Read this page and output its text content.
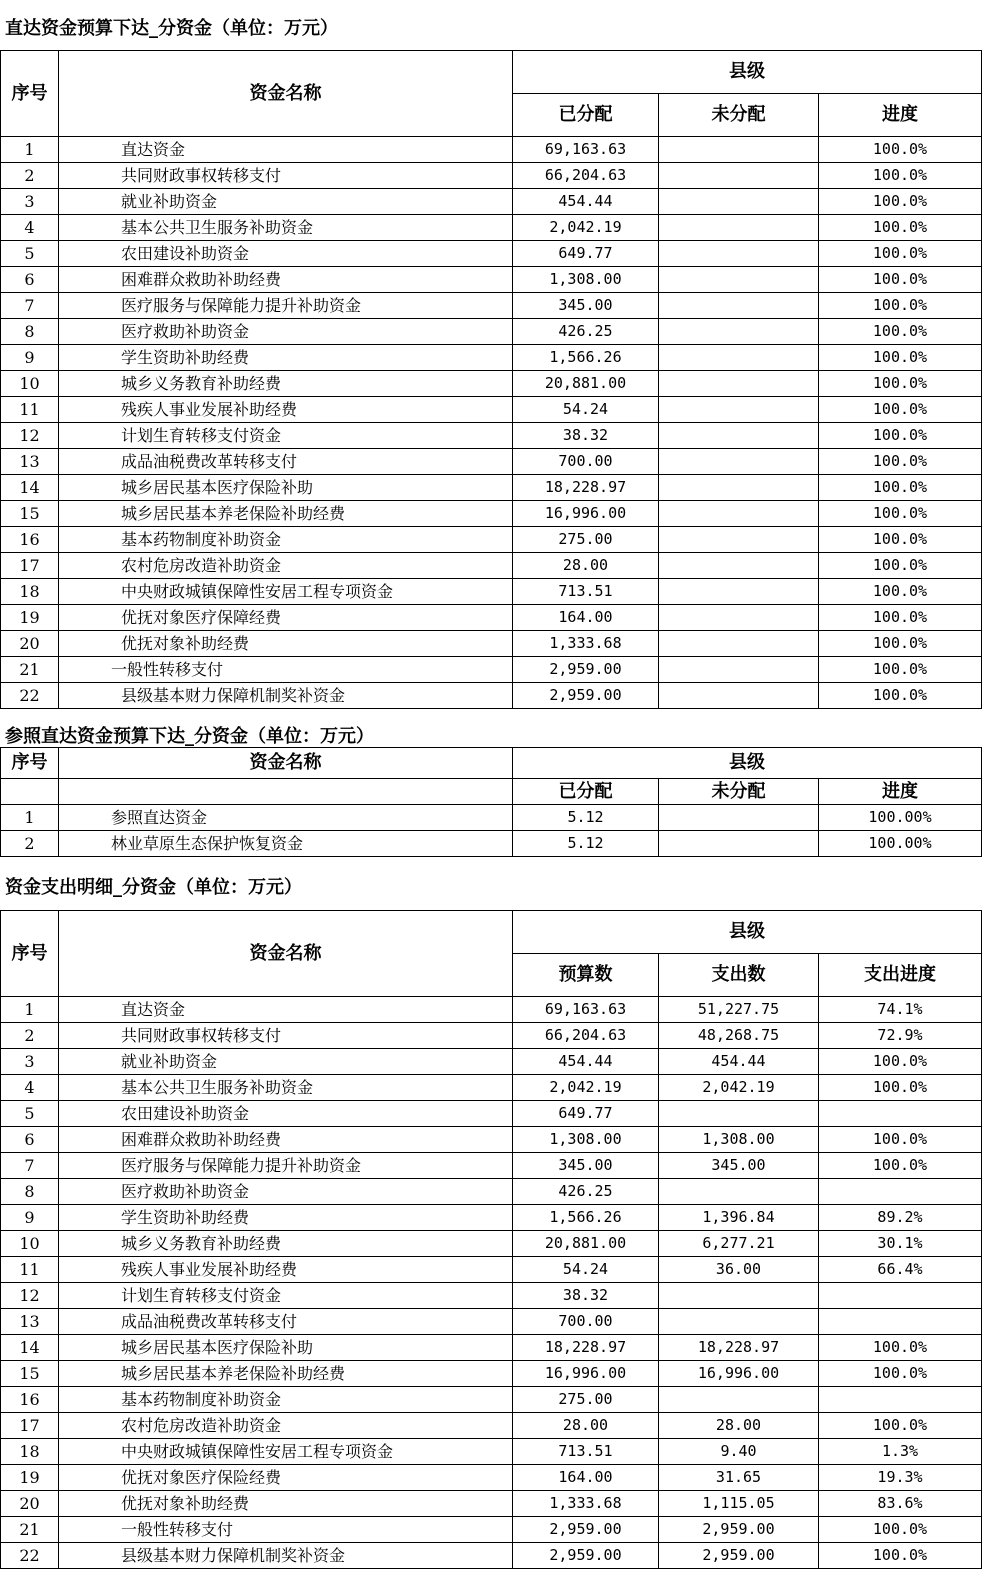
直达资金预算下达_分资金（单位：万元）
序号	资金名称	县级		
		已分配	未分配	进度
1	直达资金	69,163.63		100.0%
2	共同财政事权转移支付	66,204.63		100.0%
3	就业补助资金	454.44		100.0%
4	基本公共卫生服务补助资金	2,042.19		100.0%
5	农田建设补助资金	649.77		100.0%
6	困难群众救助补助经费	1,308.00		100.0%
7	医疗服务与保障能力提升补助资金	345.00		100.0%
8	医疗救助补助资金	426.25		100.0%
9	学生资助补助经费	1,566.26		100.0%
10	城乡义务教育补助经费	20,881.00		100.0%
11	残疾人事业发展补助经费	54.24		100.0%
12	计划生育转移支付资金	38.32		100.0%
13	成品油税费改革转移支付	700.00		100.0%
14	城乡居民基本医疗保险补助	18,228.97		100.0%
15	城乡居民基本养老保险补助经费	16,996.00		100.0%
16	基本药物制度补助资金	275.00		100.0%
17	农村危房改造补助资金	28.00		100.0%
18	中央财政城镇保障性安居工程专项资金	713.51		100.0%
19	优抚对象医疗保障经费	164.00		100.0%
20	优抚对象补助经费	1,333.68		100.0%
21	一般性转移支付	2,959.00		100.0%
22	县级基本财力保障机制奖补资金	2,959.00		100.0%
参照直达资金预算下达_分资金（单位：万元）
序号	资金名称	县级		
		已分配	未分配	进度
1	参照直达资金	5.12		100.00%
2	林业草原生态保护恢复资金	5.12		100.00%
资金支出明细_分资金（单位：万元）
序号	资金名称	县级		
		预算数	支出数	支出进度
1	直达资金	69,163.63	51,227.75	74.1%
2	共同财政事权转移支付	66,204.63	48,268.75	72.9%
3	就业补助资金	454.44	454.44	100.0%
4	基本公共卫生服务补助资金	2,042.19	2,042.19	100.0%
5	农田建设补助资金	649.77		
6	困难群众救助补助经费	1,308.00	1,308.00	100.0%
7	医疗服务与保障能力提升补助资金	345.00	345.00	100.0%
8	医疗救助补助资金	426.25		
9	学生资助补助经费	1,566.26	1,396.84	89.2%
10	城乡义务教育补助经费	20,881.00	6,277.21	30.1%
11	残疾人事业发展补助经费	54.24	36.00	66.4%
12	计划生育转移支付资金	38.32		
13	成品油税费改革转移支付	700.00		
14	城乡居民基本医疗保险补助	18,228.97	18,228.97	100.0%
15	城乡居民基本养老保险补助经费	16,996.00	16,996.00	100.0%
16	基本药物制度补助资金	275.00		
17	农村危房改造补助资金	28.00	28.00	100.0%
18	中央财政城镇保障性安居工程专项资金	713.51	9.40	1.3%
19	优抚对象医疗保险经费	164.00	31.65	19.3%
20	优抚对象补助经费	1,333.68	1,115.05	83.6%
21	一般性转移支付	2,959.00	2,959.00	100.0%
22	县级基本财力保障机制奖补资金	2,959.00	2,959.00	100.0%
